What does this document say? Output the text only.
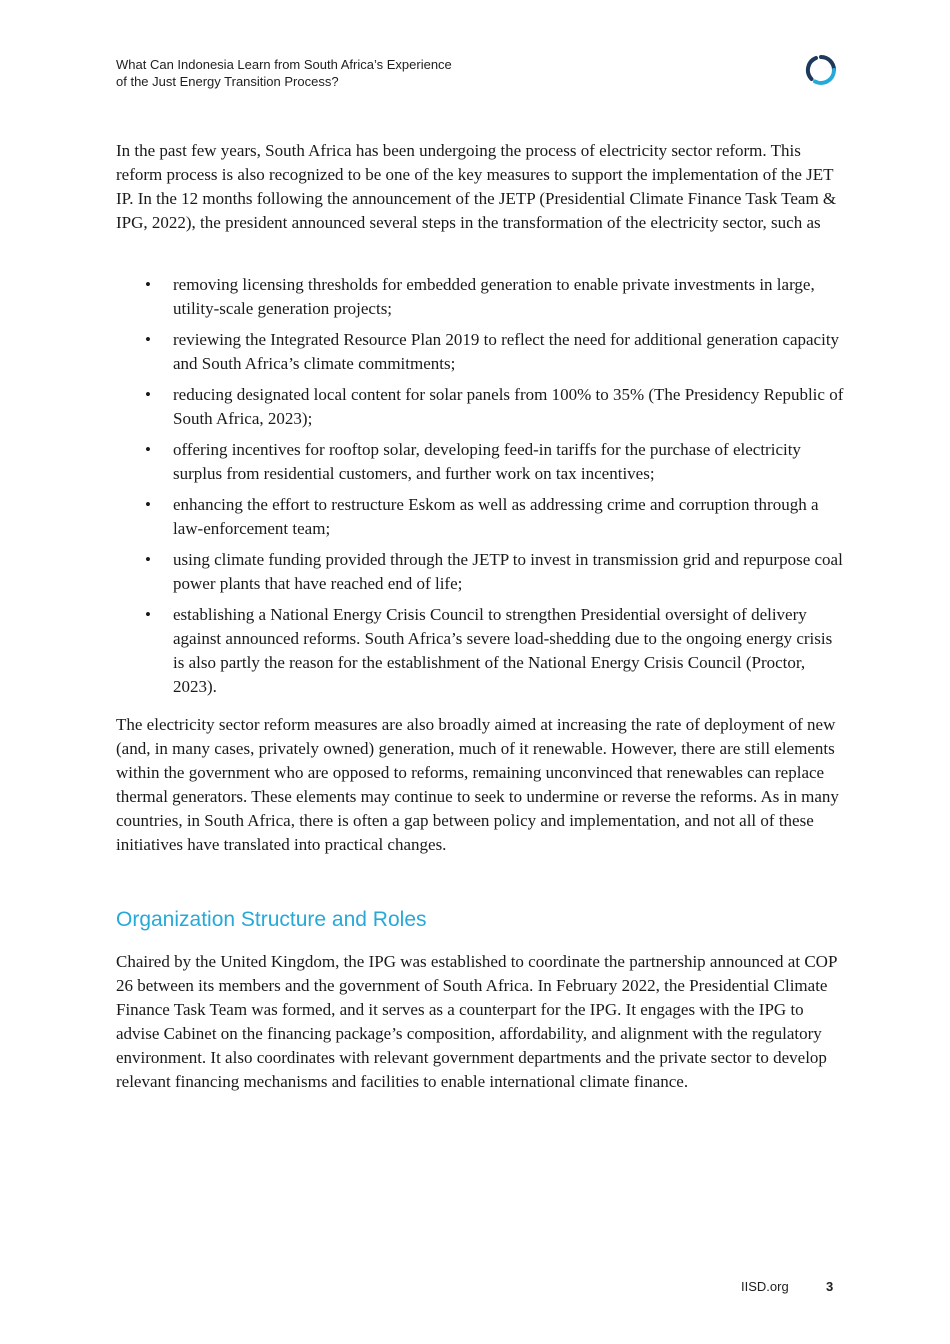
What Can Indonesia Learn from South Africa’s Experience
of the Just Energy Transition Process?

In the past few years, South Africa has been undergoing the process of electricity sector reform. This reform process is also recognized to be one of the key measures to support the implementation of the JET IP. In the 12 months following the announcement of the JETP (Presidential Climate Finance Task Team & IPG, 2022), the president announced several steps in the transformation of the electricity sector, such as

• removing licensing thresholds for embedded generation to enable private investments in large, utility-scale generation projects;
• reviewing the Integrated Resource Plan 2019 to reflect the need for additional generation capacity and South Africa’s climate commitments;
• reducing designated local content for solar panels from 100% to 35% (The Presidency Republic of South Africa, 2023);
• offering incentives for rooftop solar, developing feed-in tariffs for the purchase of electricity surplus from residential customers, and further work on tax incentives;
• enhancing the effort to restructure Eskom as well as addressing crime and corruption through a law-enforcement team;
• using climate funding provided through the JETP to invest in transmission grid and repurpose coal power plants that have reached end of life;
• establishing a National Energy Crisis Council to strengthen Presidential oversight of delivery against announced reforms. South Africa’s severe load-shedding due to the ongoing energy crisis is also partly the reason for the establishment of the National Energy Crisis Council (Proctor, 2023).

The electricity sector reform measures are also broadly aimed at increasing the rate of deployment of new (and, in many cases, privately owned) generation, much of it renewable. However, there are still elements within the government who are opposed to reforms, remaining unconvinced that renewables can replace thermal generators. These elements may continue to seek to undermine or reverse the reforms. As in many countries, in South Africa, there is often a gap between policy and implementation, and not all of these initiatives have translated into practical changes.

Organization Structure and Roles

Chaired by the United Kingdom, the IPG was established to coordinate the partnership announced at COP 26 between its members and the government of South Africa. In February 2022, the Presidential Climate Finance Task Team was formed, and it serves as a counterpart for the IPG. It engages with the IPG to advise Cabinet on the financing package’s composition, affordability, and alignment with the regulatory environment. It also coordinates with relevant government departments and the private sector to develop relevant financing mechanisms and facilities to enable international climate finance.

IISD.org	3
